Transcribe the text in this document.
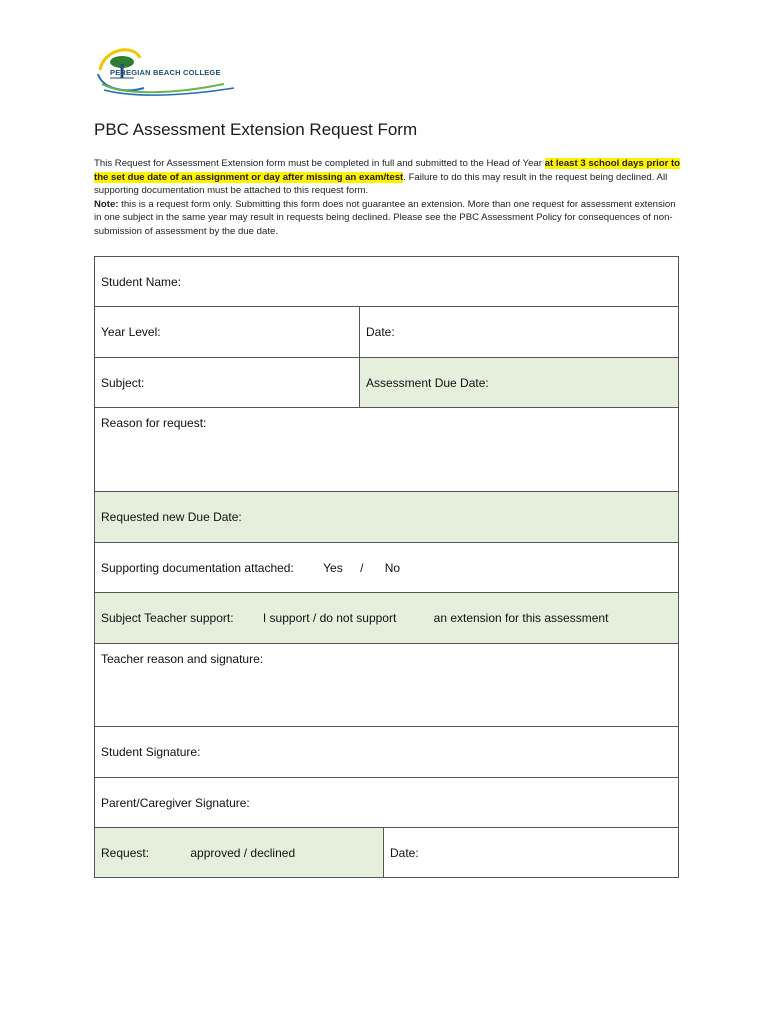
PEREGIAN BEACH COLLEGE
PBC Assessment Extension Request Form
This Request for Assessment Extension form must be completed in full and submitted to the Head of Year at least 3 school days prior to the set due date of an assignment or day after missing an exam/test. Failure to do this may result in the request being declined. All supporting documentation must be attached to this request form.
Note: this is a request form only. Submitting this form does not guarantee an extension. More than one request for assessment extension in one subject in the same year may result in requests being declined. Please see the PBC Assessment Policy for consequences of non-submission of assessment by the due date.
Student Name:		
Year Level:	Date:	
Subject:	Assessment Due Date:	
Reason for request:		
Requested new Due Date:		
Supporting documentation attached: Yes / No		
Subject Teacher support: I support / do not support an extension for this assessment		
Teacher reason and signature:		
Student Signature:		
Parent/Caregiver Signature:		
Request: approved / declined		Date:
